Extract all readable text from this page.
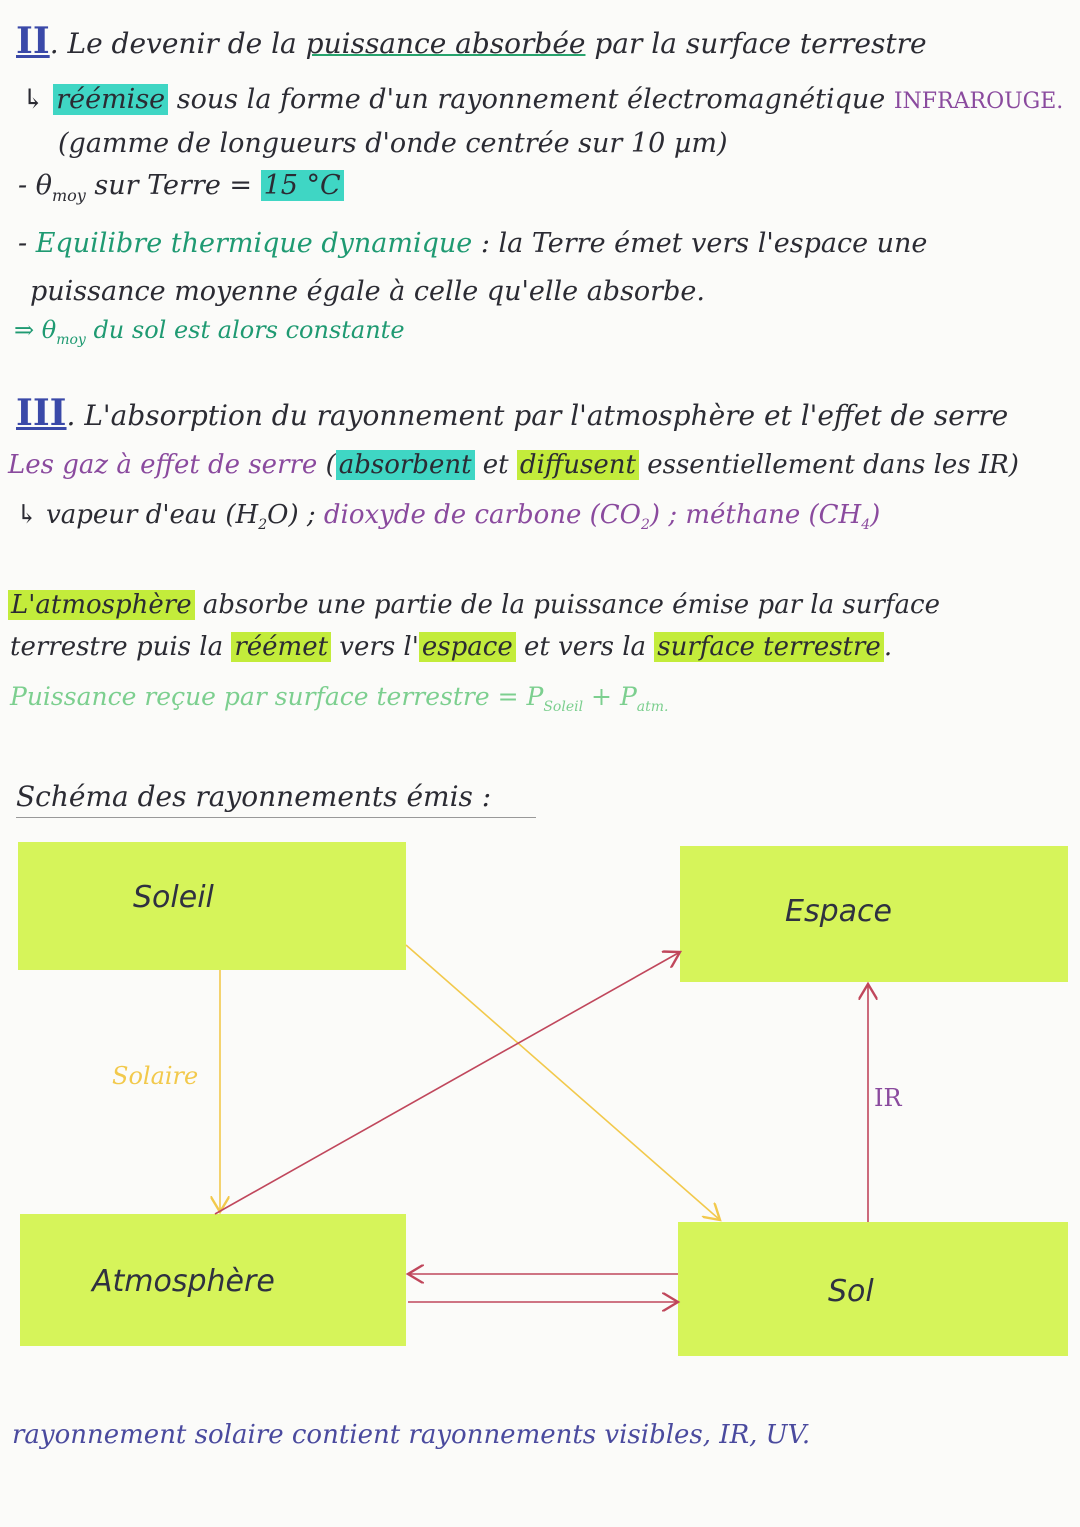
II. Le devenir de la puissance absorbée par la surface terrestre
↳ réémise sous la forme d'un rayonnement électromagnétique INFRAROUGE.
(gamme de longueurs d'onde centrée sur 10 µm)
- $\theta_{moy}$ sur Terre = 15 °C
- Equilibre thermique dynamique : la Terre émet vers l'espace une
puissance moyenne égale à celle qu'elle absorbe.
⇒ $\theta_{moy}$ du sol est alors constante
III. L'absorption du rayonnement par l'atmosphère et l'effet de serre
Les gaz à effet de serre ( absorbent et diffusent essentiellement dans les IR)
↳ vapeur d'eau $(H_2O)$ ; dioxyde de carbone $(CO_2)$ ; méthane $(CH_4)$
L'atmosphère absorbe une partie de la puissance émise par la surface
terrestre puis la réémet vers l' espace et vers la surface terrestre .
Puissance reçue par surface terrestre = $P_{Soleil} + P_{atm.}$
Schéma des rayonnements émis :
Soleil	Espace
Atmosphère	Sol
Solaire
IR
rayonnement solaire contient rayonnements visibles, IR, UV.
